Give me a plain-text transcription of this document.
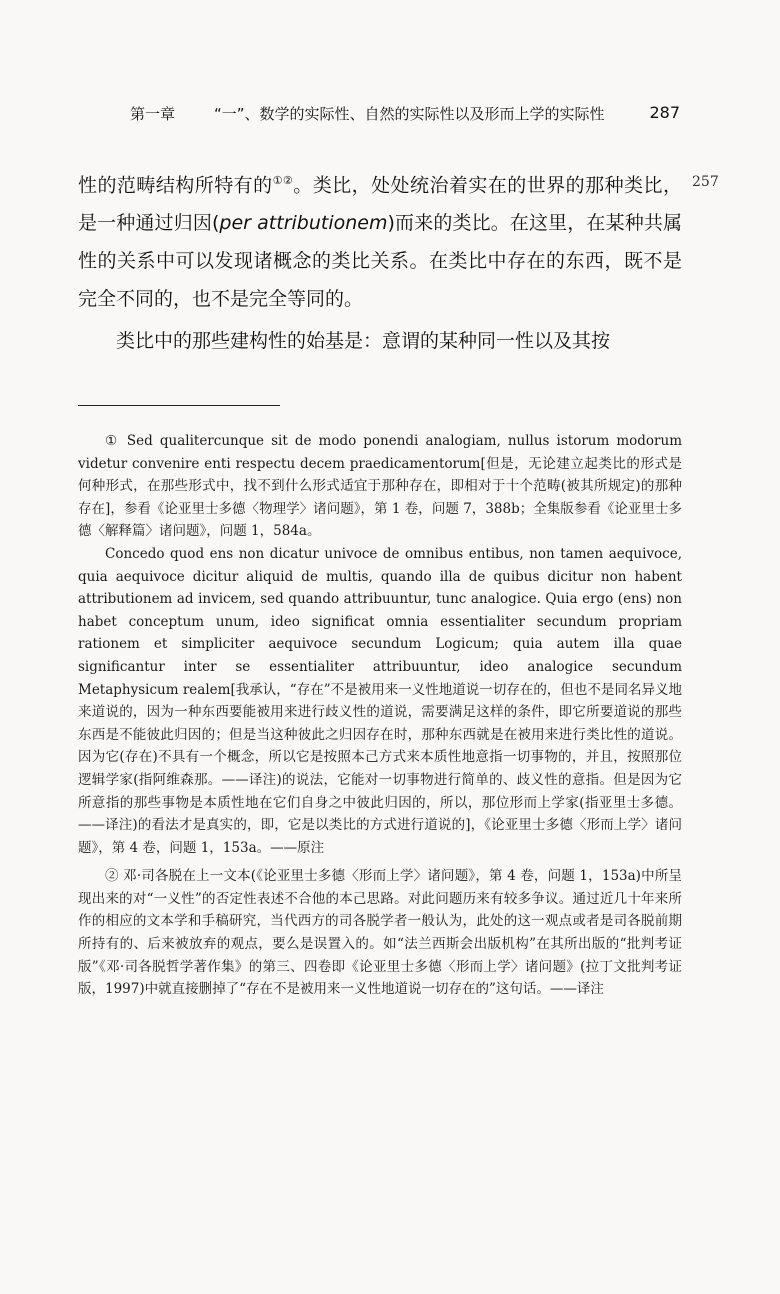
第一章	“一”、数学的实际性、自然的实际性以及形而上学的实际性	287
257

性的范畴结构所特有的①②。类比，处处统治着实在的世界的那种类比，是一种通过归因(per attributionem)而来的类比。在这里，在某种共属性的关系中可以发现诸概念的类比关系。在类比中存在的东西，既不是完全不同的，也不是完全等同的。

类比中的那些建构性的始基是：意谓的某种同一性以及其按

① Sed qualitercunque sit de modo ponendi analogiam, nullus istorum modorum videtur convenire enti respectu decem praedicamentorum[但是，无论建立起类比的形式是何种形式，在那些形式中，找不到什么形式适宜于那种存在，即相对于十个范畴(被其所规定)的那种存在]，参看《论亚里士多德〈物理学〉诸问题》，第 1 卷，问题 7，388b；全集版参看《论亚里士多德〈解释篇〉诸问题》，问题 1，584a。

Concedo quod ens non dicatur univoce de omnibus entibus, non tamen aequivoce, quia aequivoce dicitur aliquid de multis, quando illa de quibus dicitur non habent attributionem ad invicem, sed quando attribuuntur, tunc analogice. Quia ergo (ens) non habet conceptum unum, ideo significat omnia essentialiter secundum propriam rationem et simpliciter aequivoce secundum Logicum; quia autem illa quae significantur inter se essentialiter attribuuntur, ideo analogice secundum Metaphysicum realem[我承认，“存在”不是被用来一义性地道说一切存在的，但也不是同名异义地来道说的，因为一种东西要能被用来进行歧义性的道说，需要满足这样的条件，即它所要道说的那些东西是不能彼此归因的；但是当这种彼此之归因存在时，那种东西就是在被用来进行类比性的道说。因为它(存在)不具有一个概念，所以它是按照本己方式来本质性地意指一切事物的，并且，按照那位逻辑学家(指阿维森那。——译注)的说法，它能对一切事物进行简单的、歧义性的意指。但是因为它所意指的那些事物是本质性地在它们自身之中彼此归因的，所以，那位形而上学家(指亚里士多德。——译注)的看法才是真实的，即，它是以类比的方式进行道说的]，《论亚里士多德〈形而上学〉诸问题》，第 4 卷，问题 1，153a。——原注

② 邓·司各脱在上一文本(《论亚里士多德〈形而上学〉诸问题》，第 4 卷，问题 1，153a)中所呈现出来的对“一义性”的否定性表述不合他的本己思路。对此问题历来有较多争议。通过近几十年来所作的相应的文本学和手稿研究，当代西方的司各脱学者一般认为，此处的这一观点或者是司各脱前期所持有的、后来被放弃的观点，要么是误置入的。如“法兰西斯会出版机构”在其所出版的“批判考证版”《邓·司各脱哲学著作集》的第三、四卷即《论亚里士多德〈形而上学〉诸问题》(拉丁文批判考证版，1997)中就直接删掉了“存在不是被用来一义性地道说一切存在的”这句话。——译注
